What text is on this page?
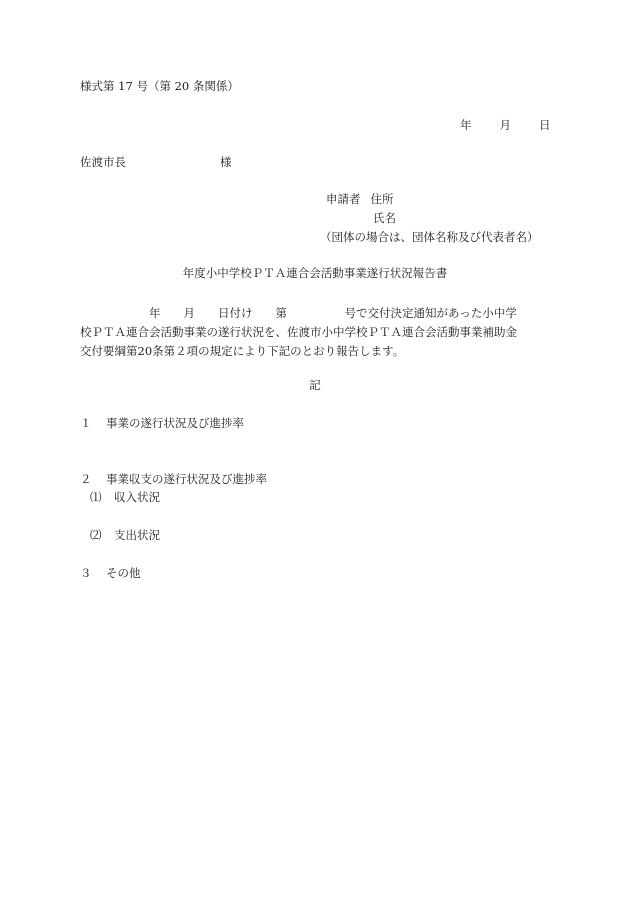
様式第 17 号（第 20 条関係）
年 月 日
佐渡市長	様
申請者 住所
氏名
（団体の場合は、団体名称及び代表者名）
年度小中学校ＰＴＡ連合会活動事業遂行状況報告書
　　　　　　年　　月　　日付け　　第　　　　　号で交付決定通知があった小中学
校ＰＴＡ連合会活動事業の遂行状況を、佐渡市小中学校ＰＴＡ連合会活動事業補助金
交付要綱第20条第２項の規定により下記のとおり報告します。
記
１ 事業の遂行状況及び進捗率
２ 事業収支の遂行状況及び進捗率
⑴ 収入状況
⑵ 支出状況
３ その他
